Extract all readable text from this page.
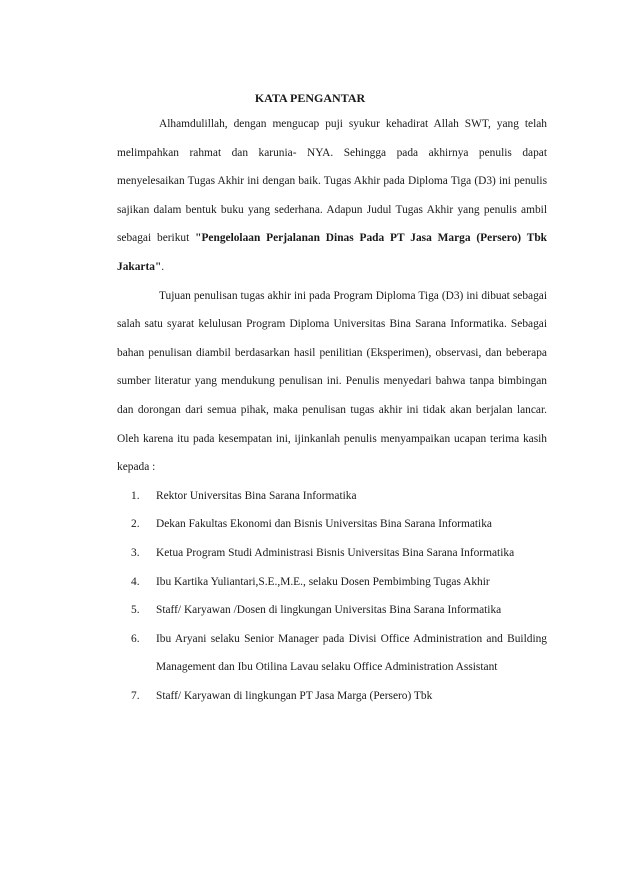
KATA PENGANTAR

Alhamdulillah, dengan mengucap puji syukur kehadirat Allah SWT, yang telah melimpahkan rahmat dan karunia- NYA. Sehingga pada akhirnya penulis dapat menyelesaikan Tugas Akhir ini dengan baik. Tugas Akhir pada Diploma Tiga (D3) ini penulis sajikan dalam bentuk buku yang sederhana. Adapun Judul Tugas Akhir yang penulis ambil sebagai berikut "Pengelolaan Perjalanan Dinas Pada PT Jasa Marga (Persero) Tbk Jakarta".

Tujuan penulisan tugas akhir ini pada Program Diploma Tiga (D3) ini dibuat sebagai salah satu syarat kelulusan Program Diploma Universitas Bina Sarana Informatika. Sebagai bahan penulisan diambil berdasarkan hasil penilitian (Eksperimen), observasi, dan beberapa sumber literatur yang mendukung penulisan ini. Penulis menyedari bahwa tanpa bimbingan dan dorongan dari semua pihak, maka penulisan tugas akhir ini tidak akan berjalan lancar. Oleh karena itu pada kesempatan ini, ijinkanlah penulis menyampaikan ucapan terima kasih kepada :

1. Rektor Universitas Bina Sarana Informatika
2. Dekan Fakultas Ekonomi dan Bisnis Universitas Bina Sarana Informatika
3. Ketua Program Studi Administrasi Bisnis Universitas Bina Sarana Informatika
4. Ibu Kartika Yuliantari,S.E.,M.E., selaku Dosen Pembimbing Tugas Akhir
5. Staff/ Karyawan /Dosen di lingkungan Universitas Bina Sarana Informatika
6. Ibu Aryani selaku Senior Manager pada Divisi Office Administration and Building Management dan Ibu Otilina Lavau selaku Office Administration Assistant
7. Staff/ Karyawan di lingkungan PT Jasa Marga (Persero) Tbk
